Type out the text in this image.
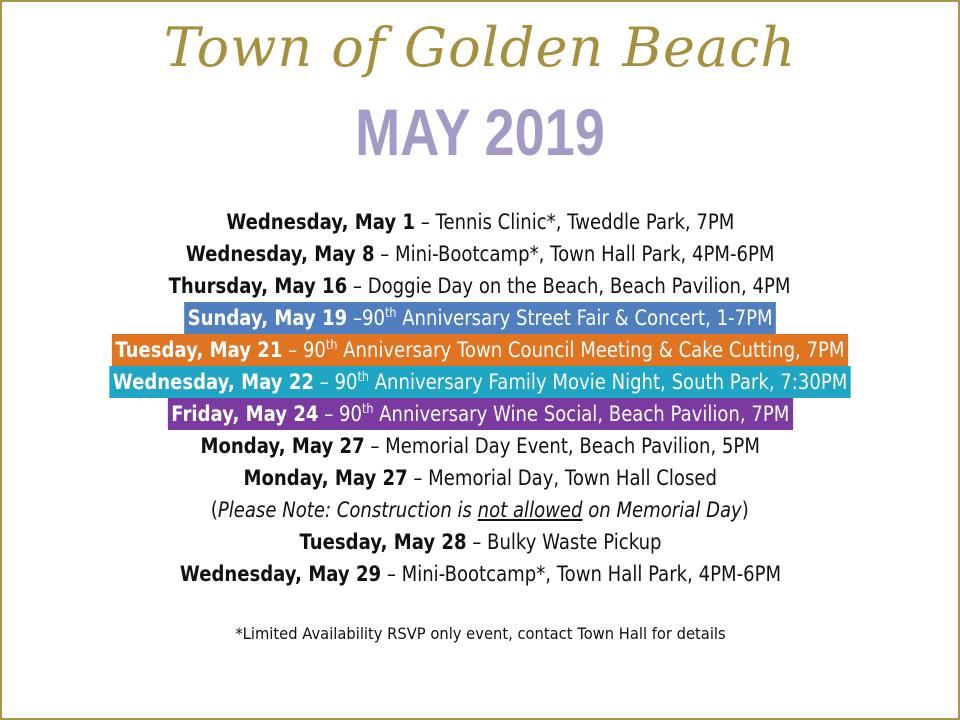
Town of Golden Beach
MAY 2019
Wednesday, May 1 – Tennis Clinic*, Tweddle Park, 7PM
Wednesday, May 8 – Mini-Bootcamp*, Town Hall Park, 4PM-6PM
Thursday, May 16 – Doggie Day on the Beach, Beach Pavilion, 4PM
Sunday, May 19 –90th Anniversary Street Fair & Concert, 1-7PM
Tuesday, May 21 – 90th Anniversary Town Council Meeting & Cake Cutting, 7PM
Wednesday, May 22 – 90th Anniversary Family Movie Night, South Park, 7:30PM
Friday, May 24 – 90th Anniversary Wine Social, Beach Pavilion, 7PM
Monday, May 27 – Memorial Day Event, Beach Pavilion, 5PM
Monday, May 27 – Memorial Day, Town Hall Closed
(Please Note: Construction is not allowed on Memorial Day)
Tuesday, May 28 – Bulky Waste Pickup
Wednesday, May 29 – Mini-Bootcamp*, Town Hall Park, 4PM-6PM
*Limited Availability RSVP only event, contact Town Hall for details
